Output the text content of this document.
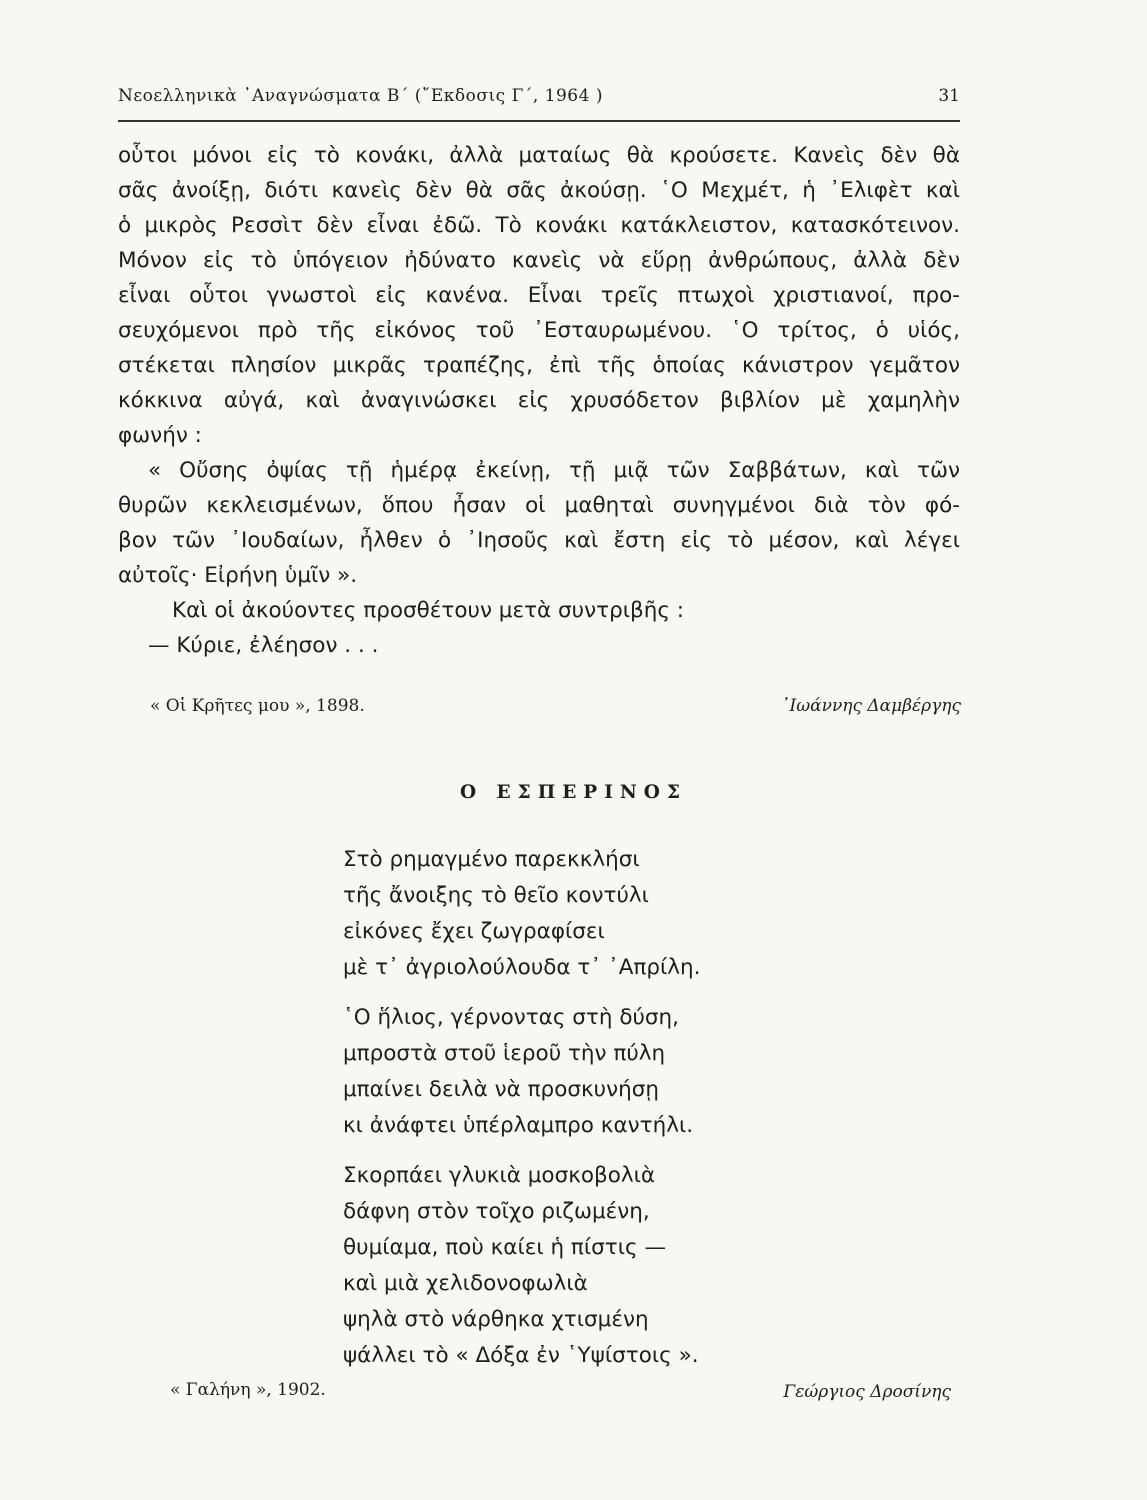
Νεοελληνικὰ ᾿Αναγνώσματα Β΄ (῎Εκδοσις Γ΄, 1964 )	31
οὗτοι μόνοι εἰς τὸ κονάκι, ἀλλὰ ματαίως θὰ κρούσετε. Κανεὶς δὲν θὰ
σᾶς ἀνοίξῃ, διότι κανεὶς δὲν θὰ σᾶς ἀκούσῃ. ῾Ο Μεχμέτ, ἡ ᾿Ελιφὲτ καὶ
ὁ μικρὸς Ρεσσὶτ δὲν εἶναι ἐδῶ. Τὸ κονάκι κατάκλειστον, κατασκότεινον.
Μόνον εἰς τὸ ὑπόγειον ἠδύνατο κανεὶς νὰ εὕρῃ ἀνθρώπους, ἀλλὰ δὲν
εἶναι οὗτοι γνωστοὶ εἰς κανένα. Εἶναι τρεῖς πτωχοὶ χριστιανοί, προ-
σευχόμενοι πρὸ τῆς εἰκόνος τοῦ ᾿Εσταυρωμένου. ῾Ο τρίτος, ὁ υἱός,
στέκεται πλησίον μικρᾶς τραπέζης, ἐπὶ τῆς ὁποίας κάνιστρον γεμᾶτον
κόκκινα αὐγά, καὶ ἀναγινώσκει εἰς χρυσόδετον βιβλίον μὲ χαμηλὴν
φωνήν :
« Οὔσης ὀψίας τῇ ἡμέρᾳ ἐκείνῃ, τῇ μιᾷ τῶν Σαββάτων, καὶ τῶν
θυρῶν κεκλεισμένων, ὅπου ἦσαν οἱ μαθηταὶ συνηγμένοι διὰ τὸν φό-
βον τῶν ᾿Ιουδαίων, ἦλθεν ὁ ᾿Ιησοῦς καὶ ἔστη εἰς τὸ μέσον, καὶ λέγει
αὐτοῖς· Εἰρήνη ὑμῖν ».
Καὶ οἱ ἀκούοντες προσθέτουν μετὰ συντριβῆς :
— Κύριε, ἐλέησον . . .
« Οἱ Κρῆτες μου », 1898.	᾿Ιωάννης Δαμβέργης
Ο ΕΣΠΕΡΙΝΟΣ
Στὸ ρημαγμένο παρεκκλήσι
τῆς ἄνοιξης τὸ θεῖο κοντύλι
εἰκόνες ἔχει ζωγραφίσει
μὲ τ᾿ ἀγριολούλουδα τ᾿ ᾿Απρίλη.
῾Ο ἥλιος, γέρνοντας στὴ δύση,
μπροστὰ στοῦ ἱεροῦ τὴν πύλη
μπαίνει δειλὰ νὰ προσκυνήσῃ
κι ἀνάφτει ὑπέρλαμπρο καντήλι.
Σκορπάει γλυκιὰ μοσκοβολιὰ
δάφνη στὸν τοῖχο ριζωμένη,
θυμίαμα, ποὺ καίει ἡ πίστις —
καὶ μιὰ χελιδονοφωλιὰ
ψηλὰ στὸ νάρθηκα χτισμένη
ψάλλει τὸ « Δόξα ἐν ῾Υψίστοις ».
« Γαλήνη », 1902.	Γεώργιος Δροσίνης
